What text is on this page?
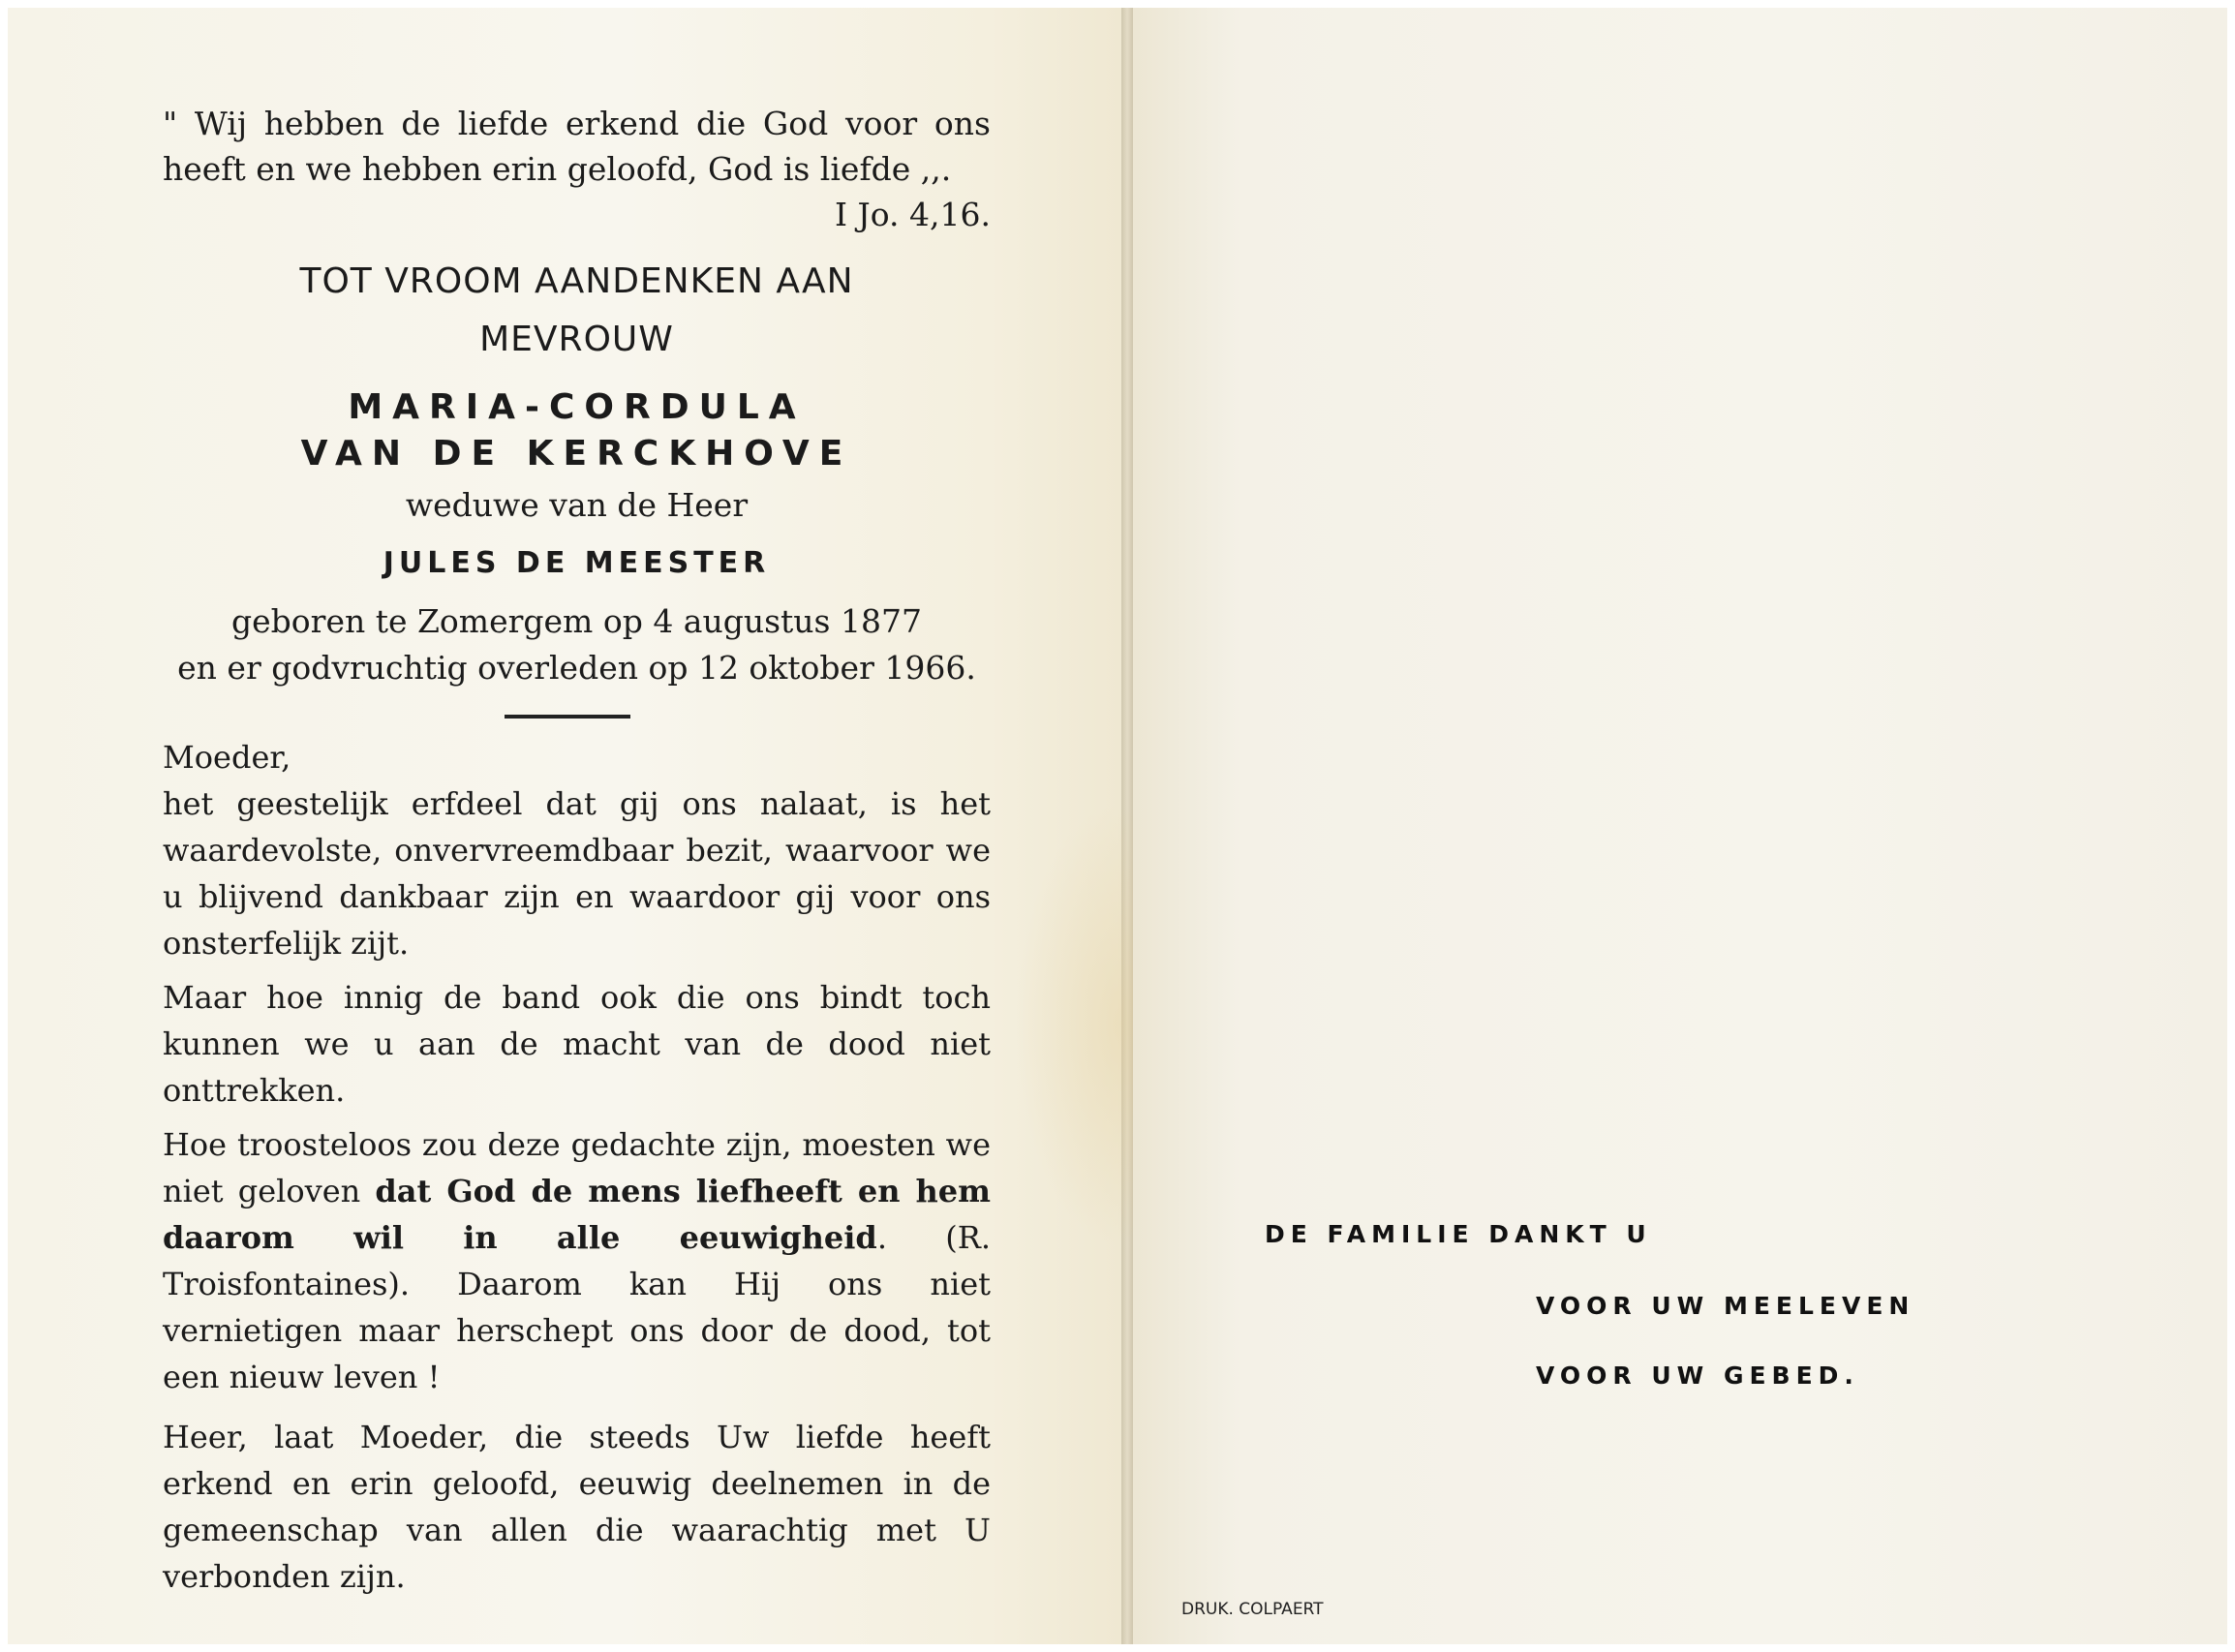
" Wij hebben de liefde erkend die God voor ons

heeft en we hebben erin geloofd, God is liefde ,,.

I Jo. 4,16.

TOT VROOM AANDENKEN AAN
MEVROUW
MARIA-CORDULA
VAN DE KERCKHOVE
weduwe van de Heer
JULES DE MEESTER
geboren te Zomergem op 4 augustus 1877
en er godvruchtig overleden op 12 oktober 1966.

Moeder,

het geestelijk erfdeel dat gij ons nalaat, is het waardevolste, onvervreemdbaar bezit, waarvoor we u blijvend dankbaar zijn en waardoor gij voor ons onsterfelijk zijt.

Maar hoe innig de band ook die ons bindt toch kunnen we u aan de macht van de dood niet onttrekken.

Hoe troosteloos zou deze gedachte zijn, moesten we niet geloven dat God de mens liefheeft en hem daarom wil in alle eeuwigheid. (R. Troisfontaines). Daarom kan Hij ons niet vernietigen maar herschept ons door de dood, tot een nieuw leven !

Heer, laat Moeder, die steeds Uw liefde heeft erkend en erin geloofd, eeuwig deelnemen in de gemeenschap van allen die waarachtig met U verbonden zijn.

DE FAMILIE DANKT U
VOOR UW MEELEVEN
VOOR UW GEBED.
DRUK. COLPAERT
